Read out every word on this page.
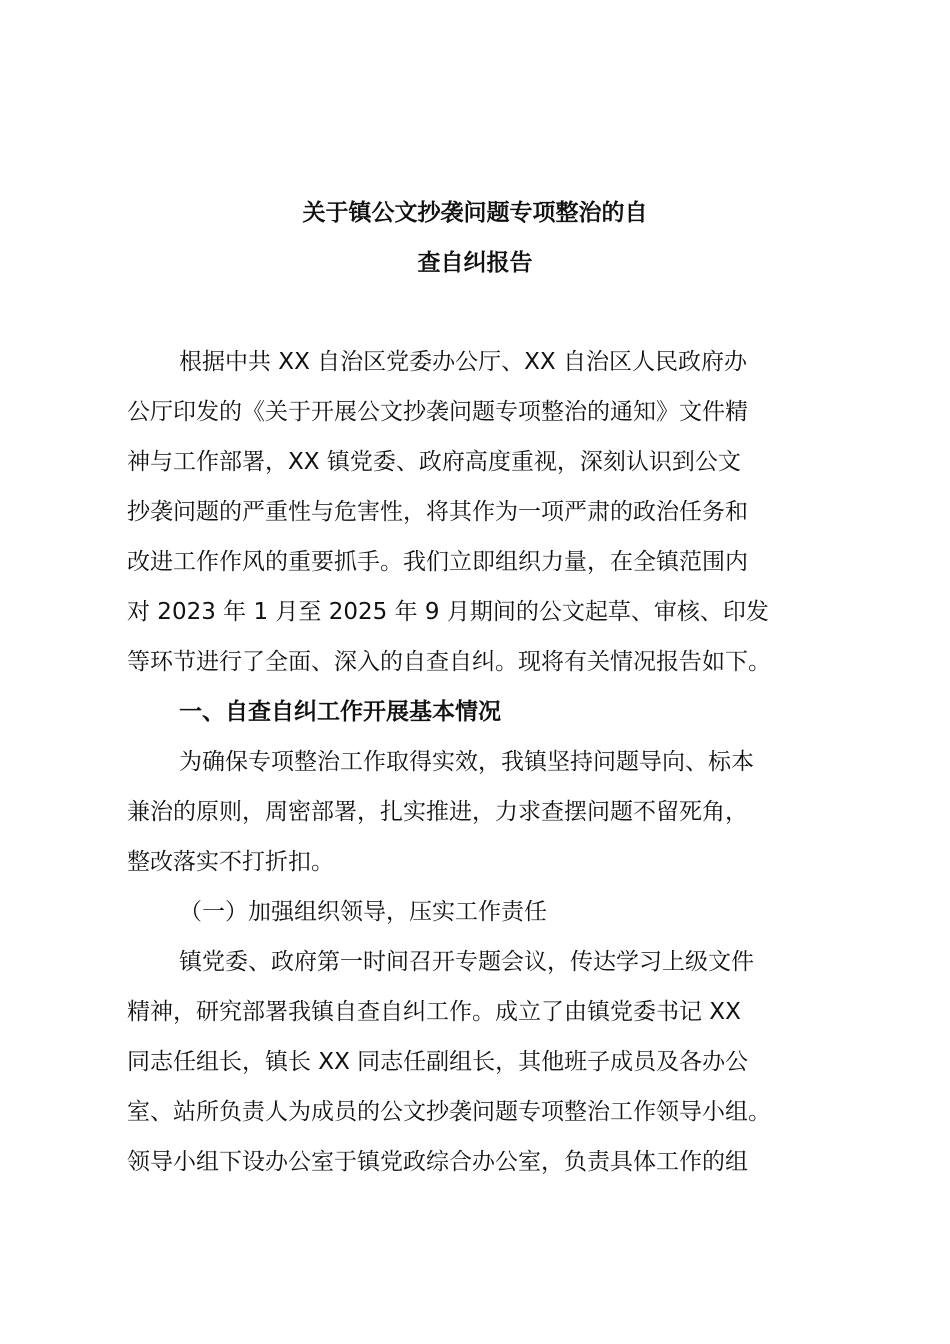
关于镇公文抄袭问题专项整治的自
查自纠报告
根据中共 XX 自治区党委办公厅、XX 自治区人民政府办
公厅印发的《关于开展公文抄袭问题专项整治的通知》文件精
神与工作部署，XX 镇党委、政府高度重视，深刻认识到公文
抄袭问题的严重性与危害性，将其作为一项严肃的政治任务和
改进工作作风的重要抓手。我们立即组织力量，在全镇范围内
对 2023 年 1 月至 2025 年 9 月期间的公文起草、审核、印发
等环节进行了全面、深入的自查自纠。现将有关情况报告如下。
一、自查自纠工作开展基本情况
为确保专项整治工作取得实效，我镇坚持问题导向、标本
兼治的原则，周密部署，扎实推进，力求查摆问题不留死角，
整改落实不打折扣。
（一）加强组织领导，压实工作责任
镇党委、政府第一时间召开专题会议，传达学习上级文件
精神，研究部署我镇自查自纠工作。成立了由镇党委书记 XX
同志任组长，镇长 XX 同志任副组长，其他班子成员及各办公
室、站所负责人为成员的公文抄袭问题专项整治工作领导小组。
领导小组下设办公室于镇党政综合办公室，负责具体工作的组
